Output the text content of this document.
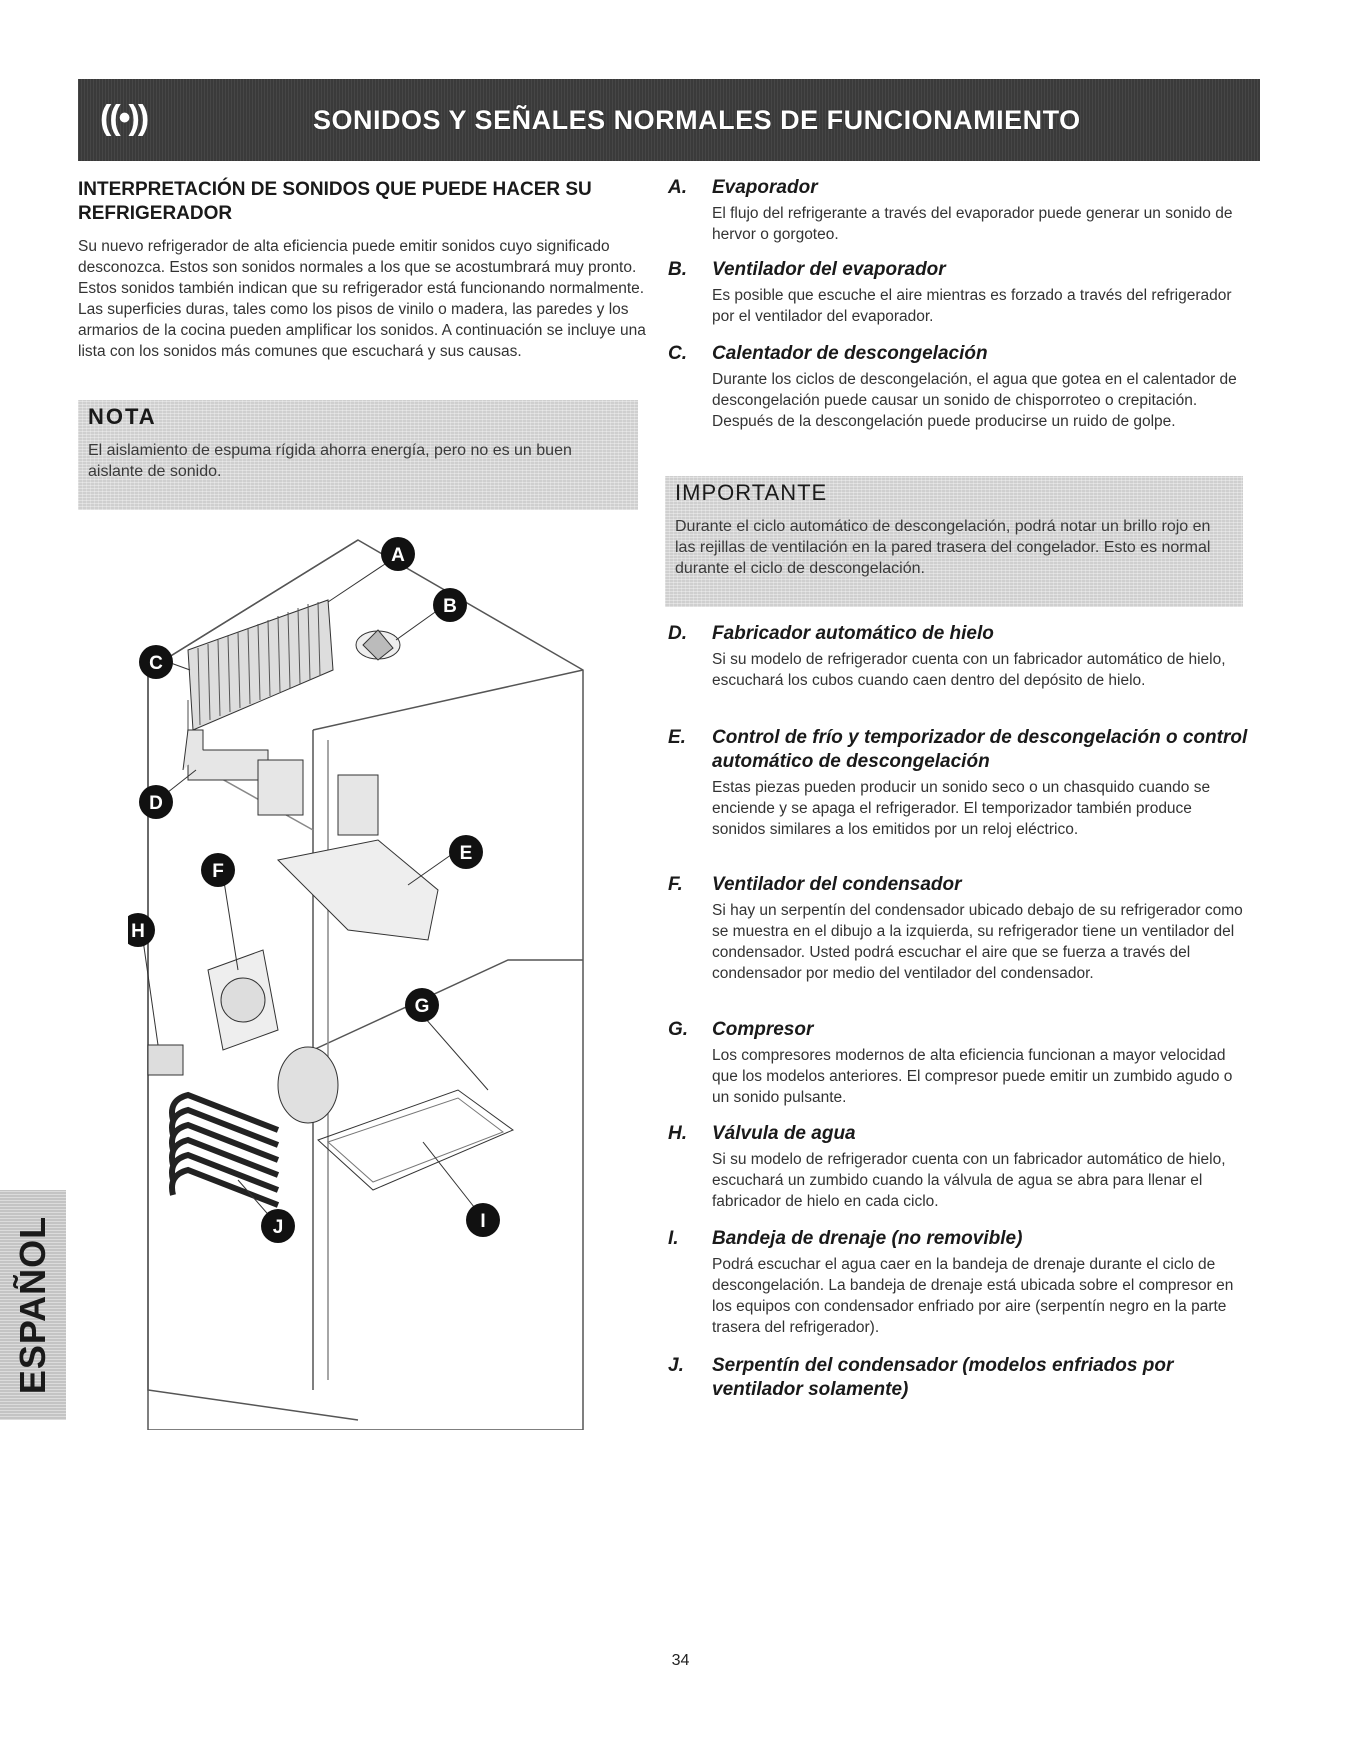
((•))	SONIDOS Y SEÑALES NORMALES DE FUNCIONAMIENTO
INTERPRETACIÓN DE SONIDOS QUE PUEDE HACER SU REFRIGERADOR

Su nuevo refrigerador de alta eficiencia puede emitir sonidos cuyo significado desconozca. Estos son sonidos normales a los que se acostumbrará muy pronto. Estos sonidos también indican que su refrigerador está funcionando normalmente. Las superficies duras, tales como los pisos de vinilo o madera, las paredes y los armarios de la cocina pueden amplificar los sonidos. A continuación se incluye una lista con los sonidos más comunes que escuchará y sus causas.

NOTA
El aislamiento de espuma rígida ahorra energía, pero no es un buen aislante de sonido.
A
B
C
D
E
F
G
H
I
J
A.	Evaporador
El flujo del refrigerante a través del evaporador puede generar un sonido de hervor o gorgoteo.
B.	Ventilador del evaporador
Es posible que escuche el aire mientras es forzado a través del refrigerador por el ventilador del evaporador.
C.	Calentador de descongelación
Durante los ciclos de descongelación, el agua que gotea en el calentador de descongelación puede causar un sonido de chisporroteo o crepitación. Después de la descongelación puede producirse un ruido de golpe.
IMPORTANTE
Durante el ciclo automático de descongelación, podrá notar un brillo rojo en las rejillas de ventilación en la pared trasera del congelador. Esto es normal durante el ciclo de descongelación.
D.	Fabricador automático de hielo
Si su modelo de refrigerador cuenta con un fabricador automático de hielo, escuchará los cubos cuando caen dentro del depósito de hielo.
E.	Control de frío y temporizador de descongelación o control automático de descongelación
Estas piezas pueden producir un sonido seco o un chasquido cuando se enciende y se apaga el refrigerador. El temporizador también produce sonidos similares a los emitidos por un reloj eléctrico.
F.	Ventilador del condensador
Si hay un serpentín del condensador ubicado debajo de su refrigerador como se muestra en el dibujo a la izquierda, su refrigerador tiene un ventilador del condensador. Usted podrá escuchar el aire que se fuerza a través del condensador por medio del ventilador del condensador.
G.	Compresor
Los compresores modernos de alta eficiencia funcionan a mayor velocidad que los modelos anteriores. El compresor puede emitir un zumbido agudo o un sonido pulsante.
H.	Válvula de agua
Si su modelo de refrigerador cuenta con un fabricador automático de hielo, escuchará un zumbido cuando la válvula de agua se abra para llenar el fabricador de hielo en cada ciclo.
I.	Bandeja de drenaje (no removible)
Podrá escuchar el agua caer en la bandeja de drenaje durante el ciclo de descongelación. La bandeja de drenaje está ubicada sobre el compresor en los equipos con condensador enfriado por aire (serpentín negro en la parte trasera del refrigerador).
J.	Serpentín del condensador (modelos enfriados por ventilador solamente)
ESPAÑOL
34
